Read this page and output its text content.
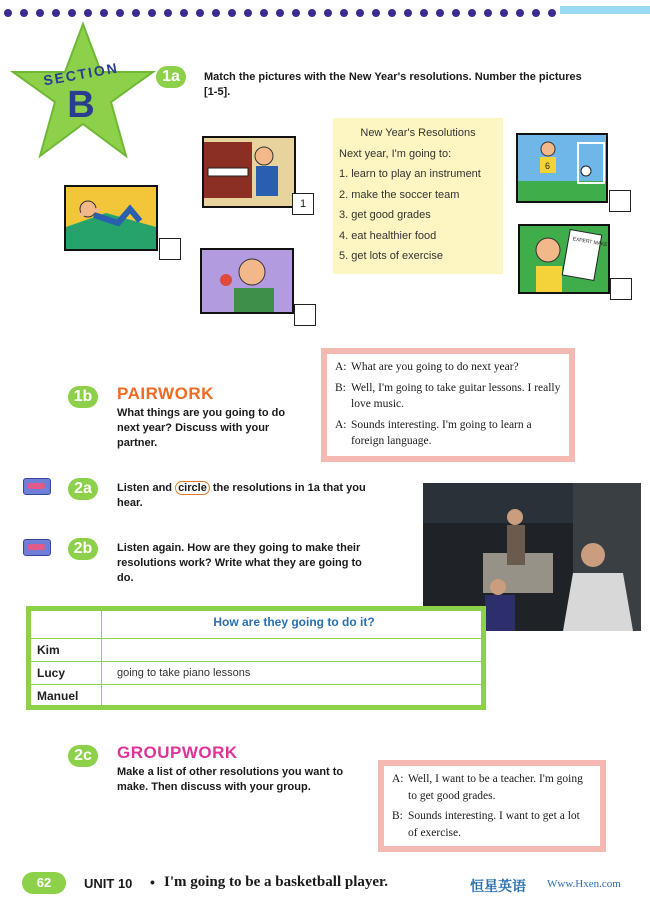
SECTION
B
1a	Match the pictures with the New Year's resolutions. Number the pictures [1-5].
1
New Year's Resolutions
Next year, I'm going to:
1. learn to play an instrument
2. make the soccer team
3. get good grades
4. eat healthier food
5. get lots of exercise
6
EXPERT MAKE
1b	PAIRWORK
What things are you going to do next year? Discuss with your partner.
A: What are you going to do next year?
B: Well, I'm going to take guitar lessons. I really love music.
A: Sounds interesting. I'm going to learn a foreign language.
2a	Listen and circle the resolutions in 1a that you hear.
2b	Listen again. How are they going to make their resolutions work? Write what they are going to do.
How are they going to do it?
Kim
Lucy	going to take piano lessons
Manuel
2c	GROUPWORK
Make a list of other resolutions you want to make. Then discuss with your group.
A: Well, I want to be a teacher. I'm going to get good grades.
B: Sounds interesting. I want to get a lot of exercise.
62	UNIT 10 • I'm going to be a basketball player.	恒星英语 Www.Hxen.com
